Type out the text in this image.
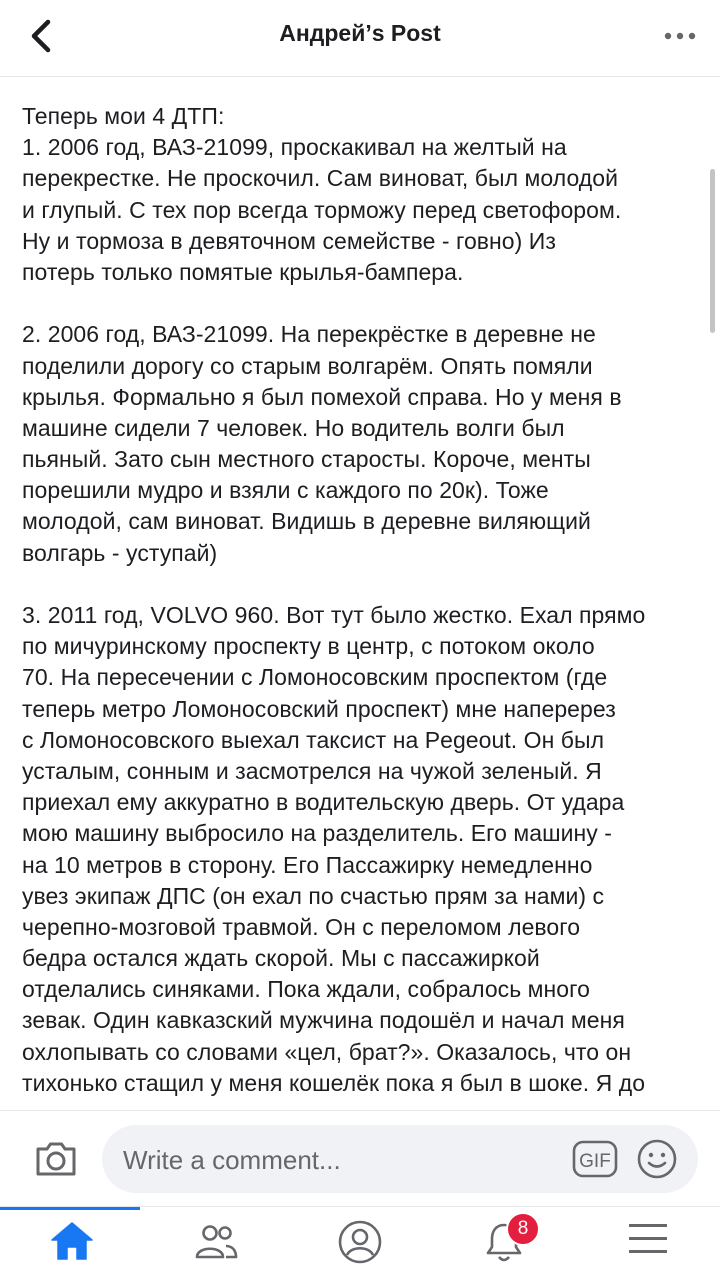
Андрей’s Post
Теперь мои 4 ДТП:
1. 2006 год, ВАЗ-21099, проскакивал на желтый на
перекрестке. Не проскочил. Сам виноват, был молодой
и глупый. С тех пор всегда торможу перед светофором.
Ну и тормоза в девяточном семействе - говно) Из
потерь только помятые крылья-бампера.
2. 2006 год, ВАЗ-21099. На перекрёстке в деревне не
поделили дорогу со старым волгарём. Опять помяли
крылья. Формально я был помехой справа. Но у меня в
машине сидели 7 человек. Но водитель волги был
пьяный. Зато сын местного старосты. Короче, менты
порешили мудро и взяли с каждого по 20к). Тоже
молодой, сам виноват. Видишь в деревне виляющий
волгарь - уступай)
3. 2011 год, VOLVO 960. Вот тут было жестко. Ехал прямо
по мичуринскому проспекту в центр, с потоком около
70. На пересечении с Ломоносовским проспектом (где
теперь метро Ломоносовский проспект) мне наперерез
с Ломоносовского выехал таксист на Pegeout. Он был
усталым, сонным и засмотрелся на чужой зеленый. Я
приехал ему аккуратно в водительскую дверь. От удара
мою машину выбросило на разделитель. Его машину -
на 10 метров в сторону. Его Пассажирку немедленно
увез экипаж ДПС (он ехал по счастью прям за нами) с
черепно-мозговой травмой. Он с переломом левого
бедра остался ждать скорой. Мы с пассажиркой
отделались синяками. Пока ждали, собралось много
зевак. Один кавказский мужчина подошёл и начал меня
охлопывать со словами «цел, брат?». Оказалось, что он
тихонько стащил у меня кошелёк пока я был в шоке. Я до
Write a comment...
GIF
8
